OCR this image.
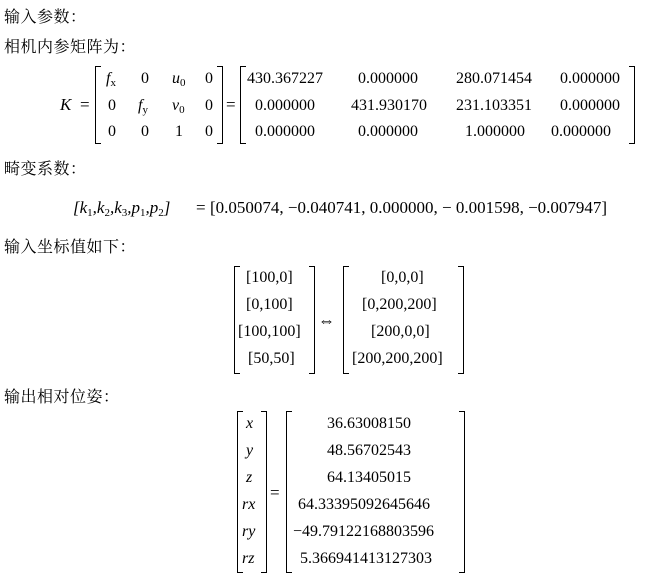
输入参数：
相机内参矩阵为：
畸变系数：
输入坐标值如下：
输出相对位姿：
K =
$f_x$ 0 $u_0$ 0
0 $f_y$ $v_0$ 0
0 0 1 0
=
430.367227 0.000000 280.071454 0.000000
0.000000 431.930170 231.103351 0.000000
0.000000	0.000000	1.000000 0.000000
$[k_1,k_2,k_3,p_1,p_2] = [0.050074$, −0.040741, 0.000000, − 0.001598, −0.007947]
[100,0]
[0,100]
[100,100]
[50,50]
⇔
[0,0,0]
[0,200,200]
[200,0,0]
[200,200,200]
x
y
z
rx
ry
rz
=
36.63008150
48.56702543
64.13405015
64.33395092645646
−49.79122168803596
5.366941413127303
